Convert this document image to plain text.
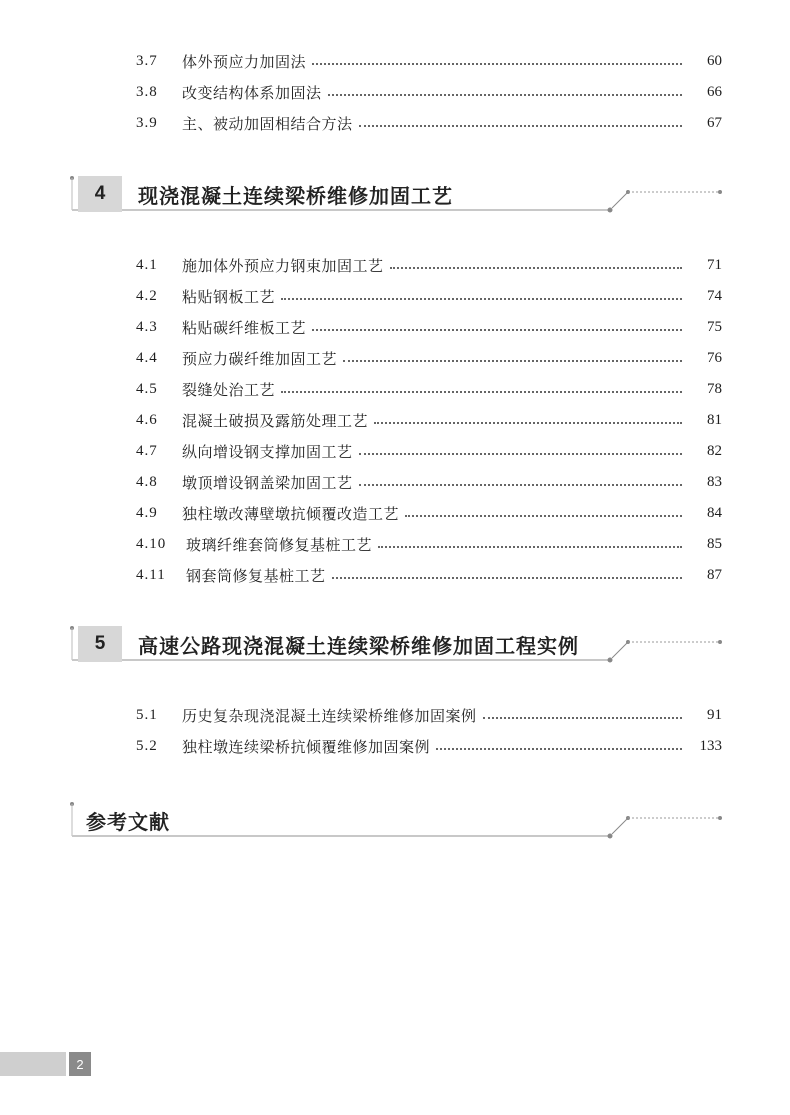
3.7	体外预应力加固法	60
3.8	改变结构体系加固法	66
3.9	主、被动加固相结合方法	67
4	现浇混凝土连续梁桥维修加固工艺
4.1	施加体外预应力钢束加固工艺	71
4.2	粘贴钢板工艺	74
4.3	粘贴碳纤维板工艺	75
4.4	预应力碳纤维加固工艺	76
4.5	裂缝处治工艺	78
4.6	混凝土破损及露筋处理工艺	81
4.7	纵向增设钢支撑加固工艺	82
4.8	墩顶增设钢盖梁加固工艺	83
4.9	独柱墩改薄壁墩抗倾覆改造工艺	84
4.10	玻璃纤维套筒修复基桩工艺	85
4.11	钢套筒修复基桩工艺	87
5	高速公路现浇混凝土连续梁桥维修加固工程实例
5.1	历史复杂现浇混凝土连续梁桥维修加固案例	91
5.2	独柱墩连续梁桥抗倾覆维修加固案例	133
参考文献
2
